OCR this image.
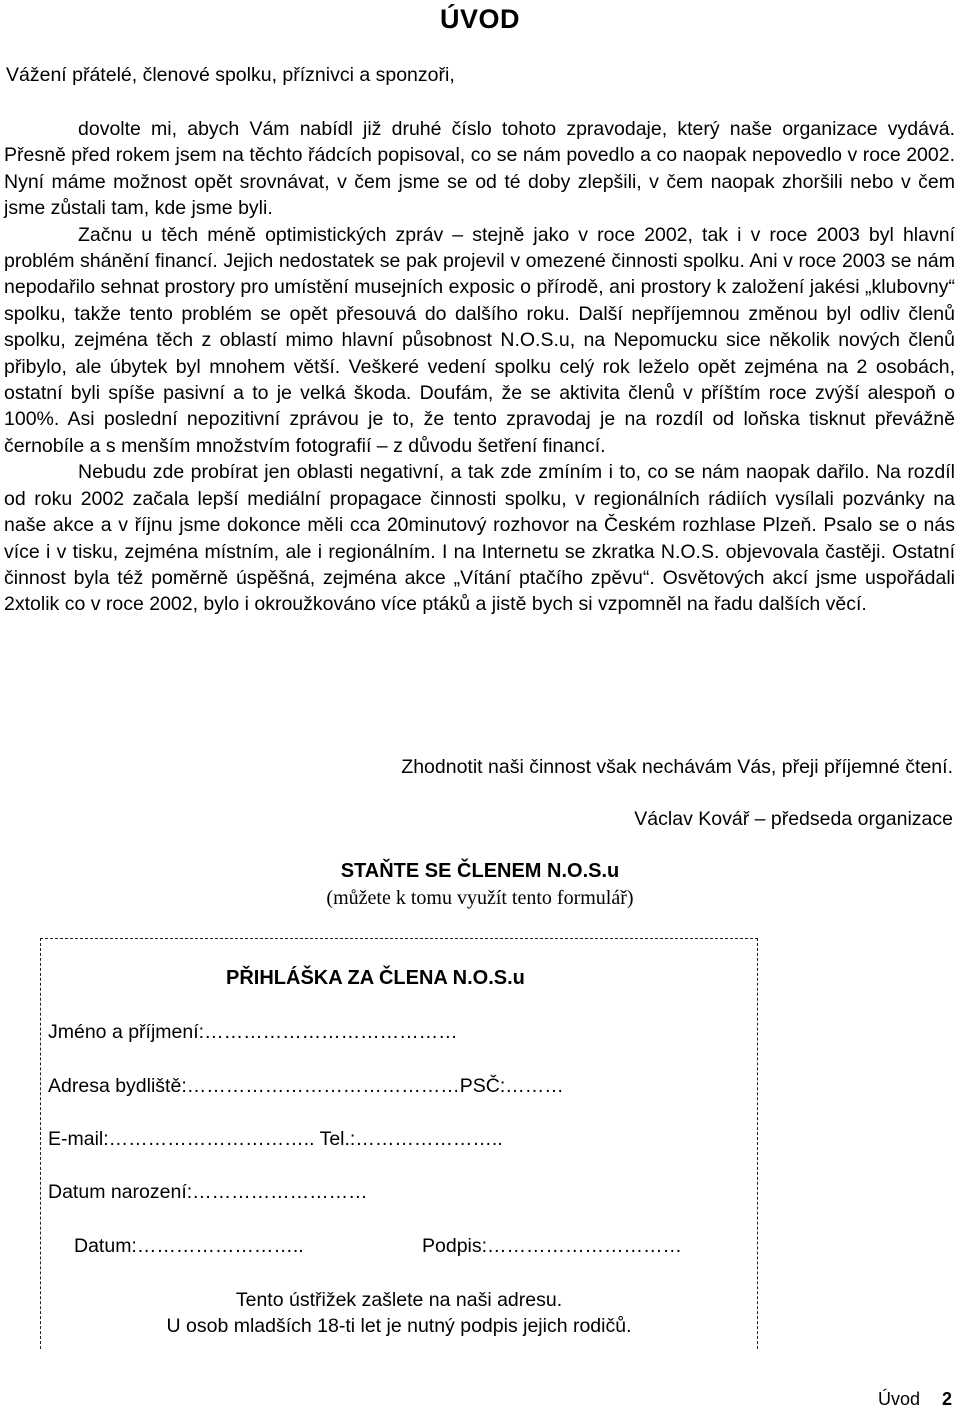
ÚVOD
Vážení přátelé, členové spolku, příznivci a sponzoři,

dovolte mi, abych Vám nabídl již druhé číslo tohoto zpravodaje, který naše organizace vydává. Přesně před rokem jsem na těchto řádcích popisoval, co se nám povedlo a co naopak nepovedlo v roce 2002. Nyní máme možnost opět srovnávat, v čem jsme se od té doby zlepšili, v čem naopak zhoršili nebo v čem jsme zůstali tam, kde jsme byli.

Začnu u těch méně optimistických zpráv – stejně jako v roce 2002, tak i v roce 2003 byl hlavní problém shánění financí. Jejich nedostatek se pak projevil v omezené činnosti spolku. Ani v roce 2003 se nám nepodařilo sehnat prostory pro umístění musejních exposic o přírodě, ani prostory k založení jakési „klubovny“ spolku, takže tento problém se opět přesouvá do dalšího roku. Další nepříjemnou změnou byl odliv členů spolku, zejména těch z oblastí mimo hlavní působnost N.O.S.u, na Nepomucku sice několik nových členů přibylo, ale úbytek byl mnohem větší. Veškeré vedení spolku celý rok leželo opět zejména na 2 osobách, ostatní byli spíše pasivní a to je velká škoda. Doufám, že se aktivita členů v příštím roce zvýší alespoň o 100%. Asi poslední nepozitivní zprávou je to, že tento zpravodaj je na rozdíl od loňska tisknut převážně černobíle a s menším množstvím fotografií – z důvodu šetření financí.

Nebudu zde probírat jen oblasti negativní, a tak zde zmíním i to, co se nám naopak dařilo. Na rozdíl od roku 2002 začala lepší mediální propagace činnosti spolku, v regionálních rádiích vysílali pozvánky na naše akce a v říjnu jsme dokonce měli cca 20minutový rozhovor na Českém rozhlase Plzeň. Psalo se o nás více i v tisku, zejména místním, ale i regionálním. I na Internetu se zkratka N.O.S. objevovala častěji. Ostatní činnost byla též poměrně úspěšná, zejména akce „Vítání ptačího zpěvu“. Osvětových akcí jsme uspořádali 2xtolik co v roce 2002, bylo i okroužkováno více ptáků a jistě bych si vzpomněl na řadu dalších věcí.

Zhodnotit naši činnost však nechávám Vás, přeji příjemné čtení.
Václav Kovář – předseda organizace
STAŇTE SE ČLENEM N.O.S.u
(můžete k tomu využít tento formulář)
PŘIHLÁŠKA ZA ČLENA N.O.S.u
Jméno a příjmení:…………………………………
Adresa bydliště:……………………………………PSČ:………
E-mail:………………………….. Tel.:…………………..
Datum narození:………………………
Datum:……………………..	Podpis:…………………………
Tento ústřižek zašlete na naši adresu.
U osob mladších 18-ti let je nutný podpis jejich rodičů.
Úvod 2
